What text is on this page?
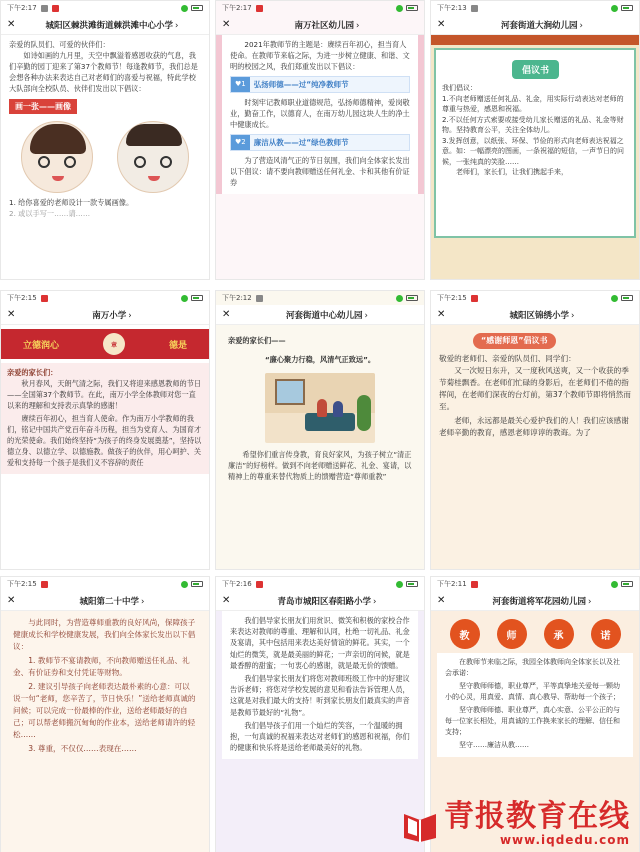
下午2:17
✕	城阳区棘洪滩街道棘洪滩中心小学 ›
亲爱的队员们、可爱的伙伴们：
如诗如画的九月里，天空中飘溢着感恩收获的气息，我们辛勤的园丁迎来了第37个教师节！每逢教师节，我们总是会想各种办法来表达自己对老师们的喜爱与祝福，特此学校大队部向全校队员、伙伴们发出以下倡议：
画一张——画像
1. 给你喜爱的老师设计一款专属画像。
2. 或以手写一……请……
下午2:17
✕	南万社区幼儿园 ›
2021年教师节的主题是：赓续百年初心，担当育人使命。在教师节来临之际，为进一步树立健康、和谐、文明的校园之风，我们郑重发出以下倡议：
♥1	弘扬师德——过“纯净教师节
时刻牢记教师职业道德规范，弘扬师德精神，爱岗敬业，勤奋工作，以德育人，在南万幼儿园这块人生的净土中健康成长。
♥2	廉洁从教——过“绿色教师节
为了营造风清气正的节日氛围，我们向全体家长发出以下倡议：请不要向教师赠送任何礼金、卡和其他有价证券
下午2:13
✕	河套街道大涧幼儿园 ›
倡议书
我们倡议：
1.不向老师赠送任何礼品、礼金，用实际行动表达对老师的尊重与热爱，感恩和祝福。
2.不以任何方式索要或接受幼儿家长赠送的礼品、礼金等财物。坚持教育公平，关注全体幼儿。
3.发挥创意，以纸张、环保、节俭的形式向老师表达祝福之意。如：一幅漂亮的图画，一条祝福的短信，一声节日的问候，一张纯真的笑脸……
老师们，家长们，让我们携起手来，
下午2:15
✕	南万小学 ›
立德润心	章	德是
亲爱的家长们：
秋月春风，天朗气清之际，我们又将迎来感恩教师的节日——全国第37个教师节。在此，南万小学全体教师对您一直以来的理解和支持表示真挚的感谢！
赓续百年初心，担当育人使命。作为南万小学教师的我们，铭记中国共产党百年奋斗历程，担当为党育人、为国育才的光荣使命。我们始终坚持“为孩子的终身发展奠基”，坚持以德立身、以德立学、以德施教。做孩子的伙伴，用心呵护、关爱和支持每一个孩子是我们义不容辞的责任
下午2:12
✕	河套街道中心幼儿园 ›
亲爱的家长们——
“廉心聚力行稳，风清气正致远”。
希望你们重言传身教，育良好家风，为孩子树立“清正廉洁”的好榜样。做到不向老师赠送鲜花、礼金、宴请，以精神上的尊重来替代物质上的馈赠营造“尊师重教”
下午2:15
✕	城阳区锦绣小学 ›
“感谢师恩”倡议书
敬爱的老师们、亲爱的队员们、同学们：
又一次短日东升，又一度秋风送爽，又一个收获的季节菊桂飘香。在老师们忙碌的身影后，在老师们不倦的指挥间，在老师们深夜的台灯前，第37个教师节即将悄然而至。
老师，永远都是最关心爱护我们的人！我们应该感谢老师辛勤的教育，感恩老师谆谆的教诲。为了
下午2:15
✕	城阳第二十中学 ›
与此同时，为营造尊师重教的良好风尚，保障孩子健康成长和学校健康发展，我们向全体家长发出以下倡议：
1. 教师节不宴请教师，不向教师赠送任礼品、礼金、有价证券和支付凭证等财物。
2. 建议引导孩子向老师表达最朴素的心意：可以说一句“老师，您辛苦了，节日快乐！”送给老师真诚的问候；可以完成一份最棒的作业，送给老师最好的自己；可以帮老师搬沉甸甸的作业本，送给老师请许的轻松……
3. 尊重，不仅仅……表现在……
下午2:16
✕	青岛市城阳区春阳路小学 ›
我们倡导家长朋友们用赏识、微笑和积极的家校合作来表达对教师的尊重、理解和认同，杜绝一切礼品、礼金及宴请，其中包括用来表达美好情谊的鲜花。其实，一个灿烂的微笑，就是最美丽的鲜花；一声亲切的问候，就是最香醇的甜蜜；一句衷心的感谢，就是最无价的馈赠。
我们倡导家长朋友们将您对教师班级工作中的好建议告诉老师；将您对学校发展的意见和看法告诉管理人员，这就是对我们最大的支持！听到家长朋友们最真实的声音是教师节最好的“礼物”。
我们倡导孩子们用一个灿烂的笑容，一个温暖的拥抱，一句真诚的祝福来表达对老师们的感恩和祝福，你们的健康和快乐将是送给老师最美好的礼物。
下午2:11
✕	河套街道将军花园幼儿园 ›
教	师	承	诺
在教师节来临之际，我园全体教师向全体家长以及社会承诺：
坚守教师师德，职业尊严，平等真挚地关爱每一颗幼小的心灵，用真爱、真情、真心教导、帮助每一个孩子；
坚守教师师德、职业尊严，真心实意、公平公正的与每一位家长相处，用真诚的工作换来家长的理解、信任和支持；
坚守……廉洁从教……
青报教育在线
www.iqdedu.com
